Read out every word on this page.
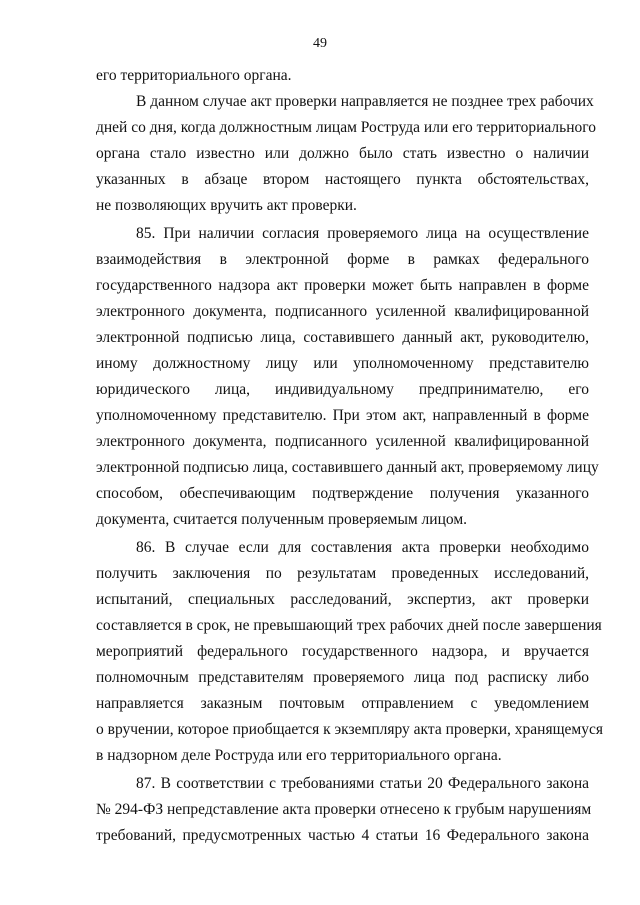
49
его территориального органа.
В данном случае акт проверки направляется не позднее трех рабочих
дней со дня, когда должностным лицам Роструда или его территориального
органа стало известно или должно было стать известно о наличии
указанных в абзаце втором настоящего пункта обстоятельствах,
не позволяющих вручить акт проверки.
85. При наличии согласия проверяемого лица на осуществление
взаимодействия в электронной форме в рамках федерального
государственного надзора акт проверки может быть направлен в форме
электронного документа, подписанного усиленной квалифицированной
электронной подписью лица, составившего данный акт, руководителю,
иному должностному лицу или уполномоченному представителю
юридического лица, индивидуальному предпринимателю, его
уполномоченному представителю. При этом акт, направленный в форме
электронного документа, подписанного усиленной квалифицированной
электронной подписью лица, составившего данный акт, проверяемому лицу
способом, обеспечивающим подтверждение получения указанного
документа, считается полученным проверяемым лицом.
86. В случае если для составления акта проверки необходимо
получить заключения по результатам проведенных исследований,
испытаний, специальных расследований, экспертиз, акт проверки
составляется в срок, не превышающий трех рабочих дней после завершения
мероприятий федерального государственного надзора, и вручается
полномочным представителям проверяемого лица под расписку либо
направляется заказным почтовым отправлением с уведомлением
о вручении, которое приобщается к экземпляру акта проверки, хранящемуся
в надзорном деле Роструда или его территориального органа.
87. В соответствии с требованиями статьи 20 Федерального закона
№ 294-ФЗ непредставление акта проверки отнесено к грубым нарушениям
требований, предусмотренных частью 4 статьи 16 Федерального закона
